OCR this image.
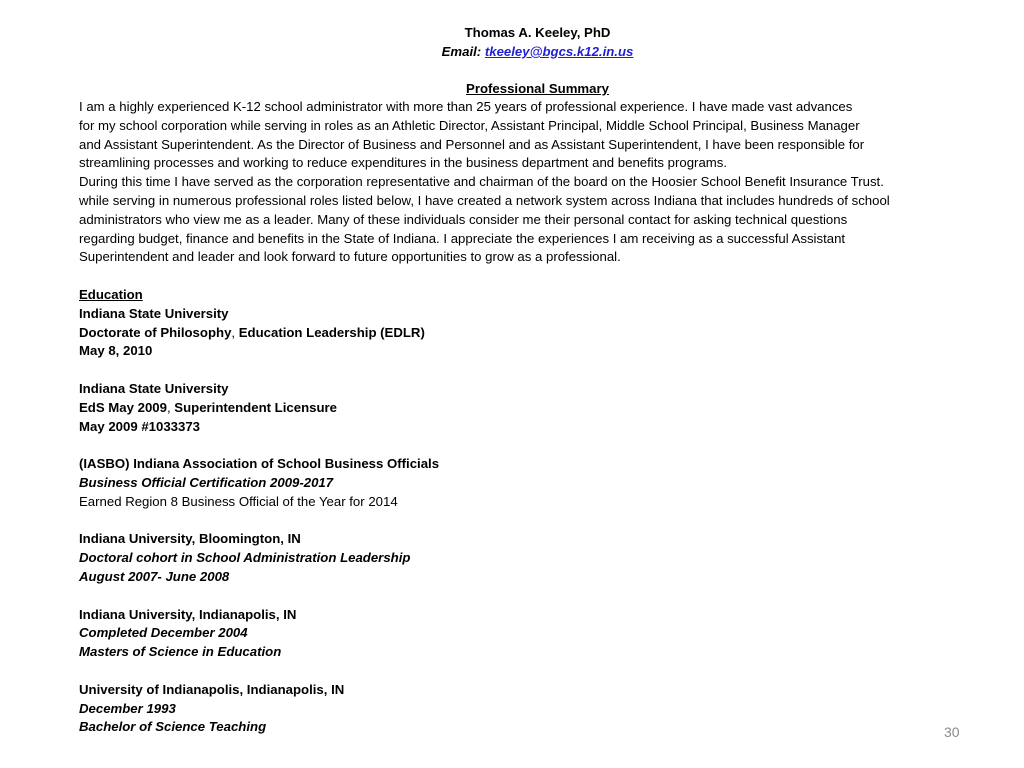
Thomas A. Keeley, PhD
Email: tkeeley@bgcs.k12.in.us
Professional Summary

I am a highly experienced K-12 school administrator with more than 25 years of professional experience. I have made vast advances

for my school corporation while serving in roles as an Athletic Director, Assistant Principal, Middle School Principal, Business Manager

and Assistant Superintendent. As the Director of Business and Personnel and as Assistant Superintendent, I have been responsible for

streamlining processes and working to reduce expenditures in the business department and benefits programs.

During this time I have served as the corporation representative and chairman of the board on the Hoosier School Benefit Insurance Trust.

while serving in numerous professional roles listed below, I have created a network system across Indiana that includes hundreds of school

administrators who view me as a leader. Many of these individuals consider me their personal contact for asking technical questions

regarding budget, finance and benefits in the State of Indiana. I appreciate the experiences I am receiving as a successful Assistant

Superintendent and leader and look forward to future opportunities to grow as a professional.

Education
Indiana State University
Doctorate of Philosophy, Education Leadership (EDLR)
May 8, 2010
Indiana State University
EdS May 2009, Superintendent Licensure
May 2009 #1033373
(IASBO) Indiana Association of School Business Officials
Business Official Certification 2009-2017
Earned Region 8 Business Official of the Year for 2014
Indiana University, Bloomington, IN
Doctoral cohort in School Administration Leadership
August 2007- June 2008
Indiana University, Indianapolis, IN
Completed December 2004
Masters of Science in Education
University of Indianapolis, Indianapolis, IN
December 1993
Bachelor of Science Teaching	30
